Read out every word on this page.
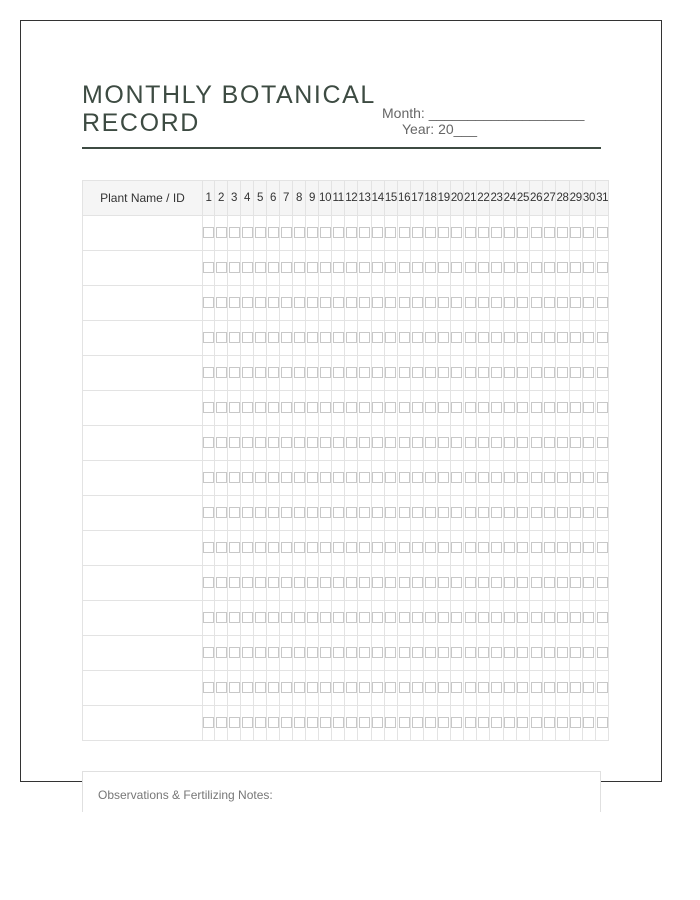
MONTHLY BOTANICAL
RECORD	Month: ____________________

Year: 20___

Plant Name / ID	1	2	3	4	5	6	7	8	9	10	11	12	13	14	15	16	17	18	19	20	21	22	23	24	25	26	27	28	29	30	31

Observations & Fertilizing Notes:
